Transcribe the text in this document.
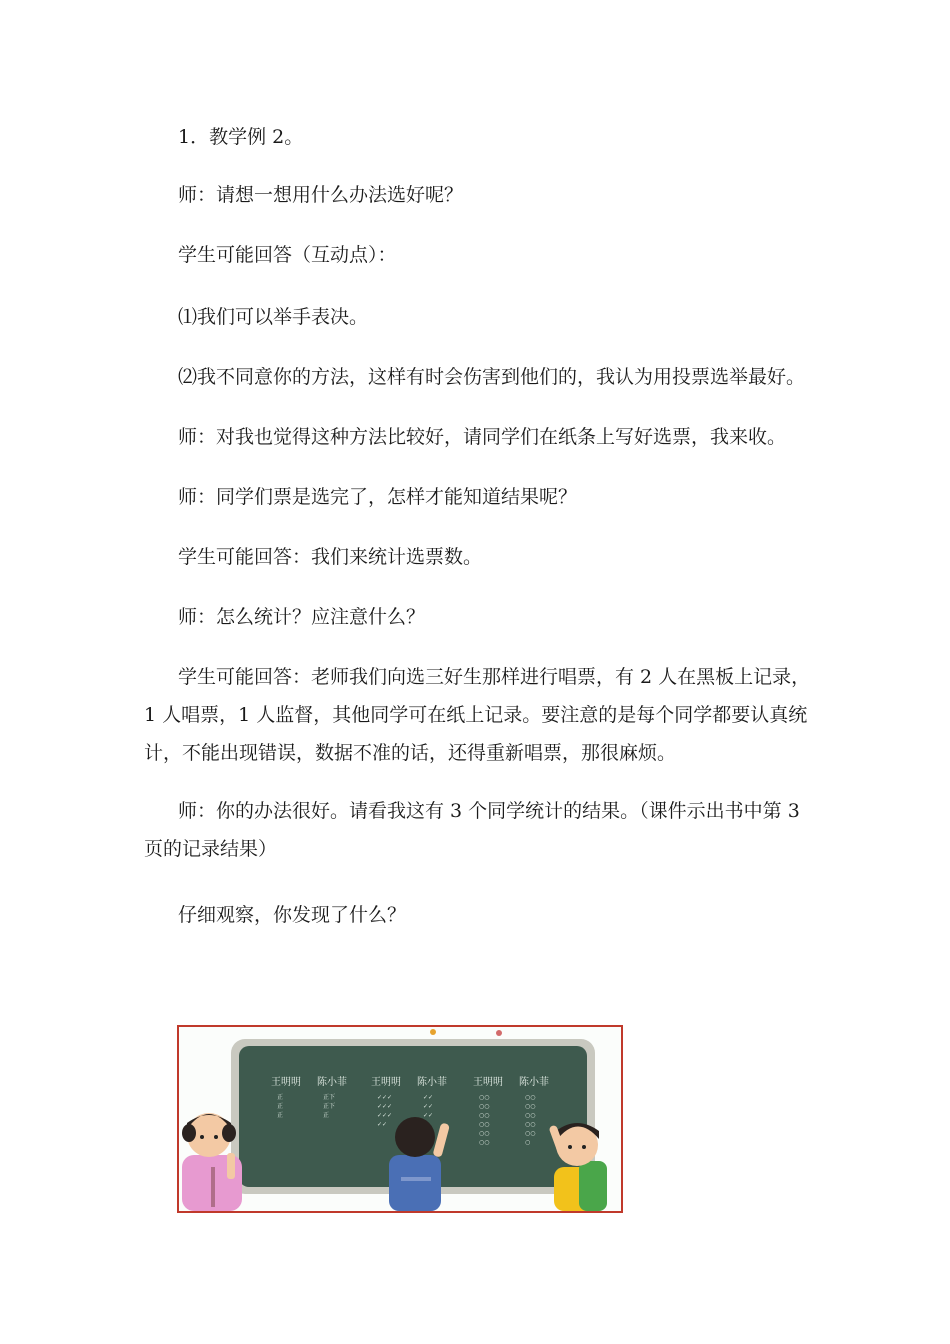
1．教学例 2。

师：请想一想用什么办法选好呢？

学生可能回答（互动点）：

⑴我们可以举手表决。

⑵我不同意你的方法，这样有时会伤害到他们的，我认为用投票选举最好。

师：对我也觉得这种方法比较好，请同学们在纸条上写好选票，我来收。

师：同学们票是选完了，怎样才能知道结果呢？

学生可能回答：我们来统计选票数。

师：怎么统计？应注意什么？

学生可能回答：老师我们向选三好生那样进行唱票，有 2 人在黑板上记录，
1 人唱票，1 人监督，其他同学可在纸上记录。要注意的是每个同学都要认真统
计，不能出现错误，数据不准的话，还得重新唱票，那很麻烦。

师：你的办法很好。请看我这有 3 个同学统计的结果。（课件示出书中第 3
页的记录结果）

仔细观察，你发现了什么？

王明明 陈小菲 王明明 陈小菲	王明明 陈小菲
正
正
正
正下
正下
正
✓✓✓
✓✓✓
✓✓✓
✓✓
✓✓
✓✓
✓✓
○○
○○
○○
○○
○○
○○
○○
○○
○○
○○
○○
○
